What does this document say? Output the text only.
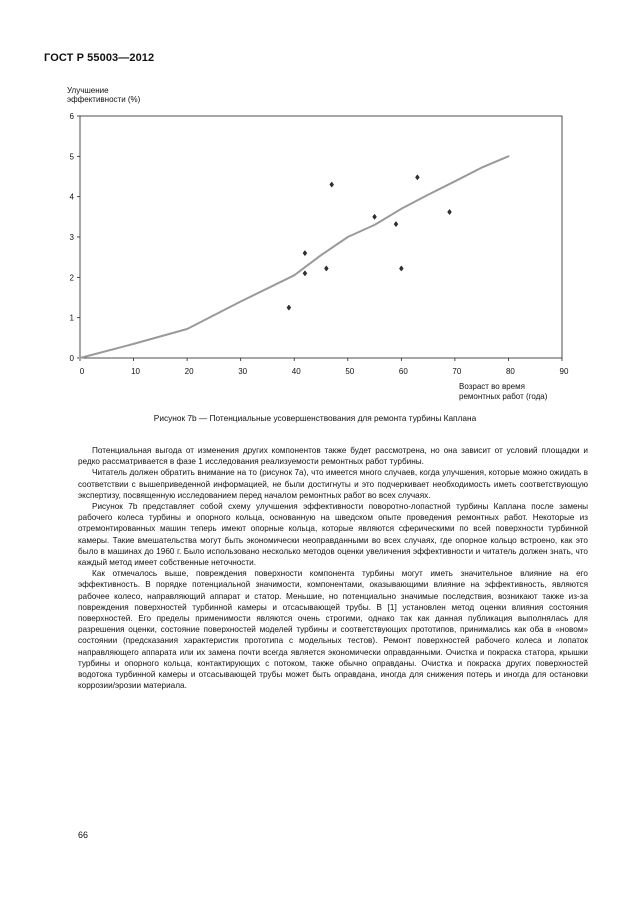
ГОСТ Р 55003—2012
Улучшение
эффективности (%)
Возраст во время
ремонтных работ (года)
0
1
2
3
4
5
6
0	10	20	30	40	50	60	70	80	90
Рисунок 7b — Потенциальные усовершенствования для ремонта турбины Каплана

Потенциальная выгода от изменения других компонентов также будет рассмотрена, но она зависит от условий площадки и редко рассматривается в фазе 1 исследования реализуемости ремонтных работ турбины.

Читатель должен обратить внимание на то (рисунок 7a), что имеется много случаев, когда улучшения, которые можно ожидать в соответствии с вышеприведенной информацией, не были достигнуты и это подчеркивает необходимость иметь соответствующую экспертизу, посвященную исследованием перед началом ремонтных работ во всех случаях.

Рисунок 7b представляет собой схему улучшения эффективности поворотно-лопастной турбины Каплана после замены рабочего колеса турбины и опорного кольца, основанную на шведском опыте проведения ремонтных работ. Некоторые из отремонтированных машин теперь имеют опорные кольца, которые являются сферическими по всей поверхности турбинной камеры. Такие вмешательства могут быть экономически неоправданными во всех случаях, где опорное кольцо встроено, как это было в машинах до 1960 г. Было использовано несколько методов оценки увеличения эффективности и читатель должен знать, что каждый метод имеет собственные неточности.

Как отмечалось выше, повреждения поверхности компонента турбины могут иметь значительное влияние на его эффективность. В порядке потенциальной значимости, компонентами, оказывающими влияние на эффективность, являются рабочее колесо, направляющий аппарат и статор. Меньшие, но потенциально значимые последствия, возникают также из-за повреждения поверхностей турбинной камеры и отсасывающей трубы. В [1] установлен метод оценки влияния состояния поверхностей. Его пределы применимости являются очень строгими, однако так как данная публикация выполнялась для разрешения оценки, состояние поверхностей моделей турбины и соответствующих прототипов, принимались как оба в «новом» состоянии (предсказания характеристик прототипа с модельных тестов). Ремонт поверхностей рабочего колеса и лопаток направляющего аппарата или их замена почти всегда является экономически оправданными. Очистка и покраска статора, крышки турбины и опорного кольца, контактирующих с потоком, также обычно оправданы. Очистка и покраска других поверхностей водотока турбинной камеры и отсасывающей трубы может быть оправдана, иногда для снижения потерь и иногда для остановки коррозии/эрозии материала.

66
